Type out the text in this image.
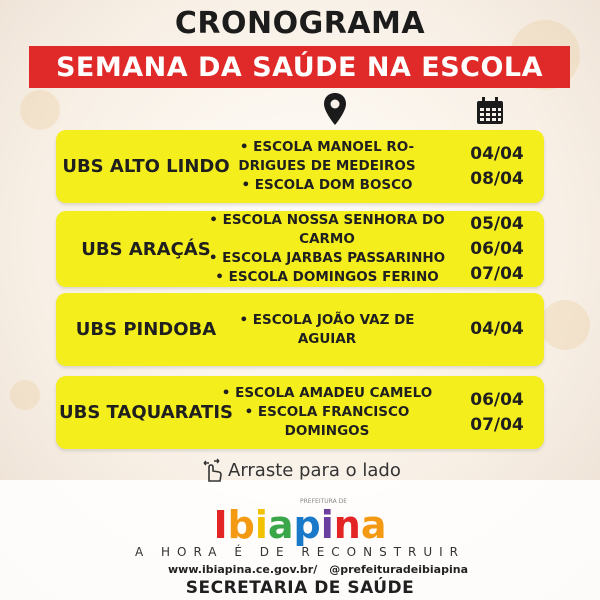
CRONOGRAMA
SEMANA DA SAÚDE NA ESCOLA
UBS ALTO LINDO
• ESCOLA MANOEL RO-
DRIGUES DE MEDEIROS
• ESCOLA DOM BOSCO
04/04
08/04
UBS ARAÇÁS
• ESCOLA NOSSA SENHORA DO
CARMO
• ESCOLA JARBAS PASSARINHO
• ESCOLA DOMINGOS FERINO
05/04
06/04
07/04
UBS PINDOBA	• ESCOLA JOÃO VAZ DE
AGUIAR	04/04
UBS TAQUARATIS
• ESCOLA AMADEU CAMELO
• ESCOLA FRANCISCO
DOMINGOS
06/04
07/04
Arraste para o lado
PREFEITURA DE
Ibiapina
A HORA É DE RECONSTRUIR
www.ibiapina.ce.gov.br/ @prefeituradeibiapina
SECRETARIA DE SAÚDE
